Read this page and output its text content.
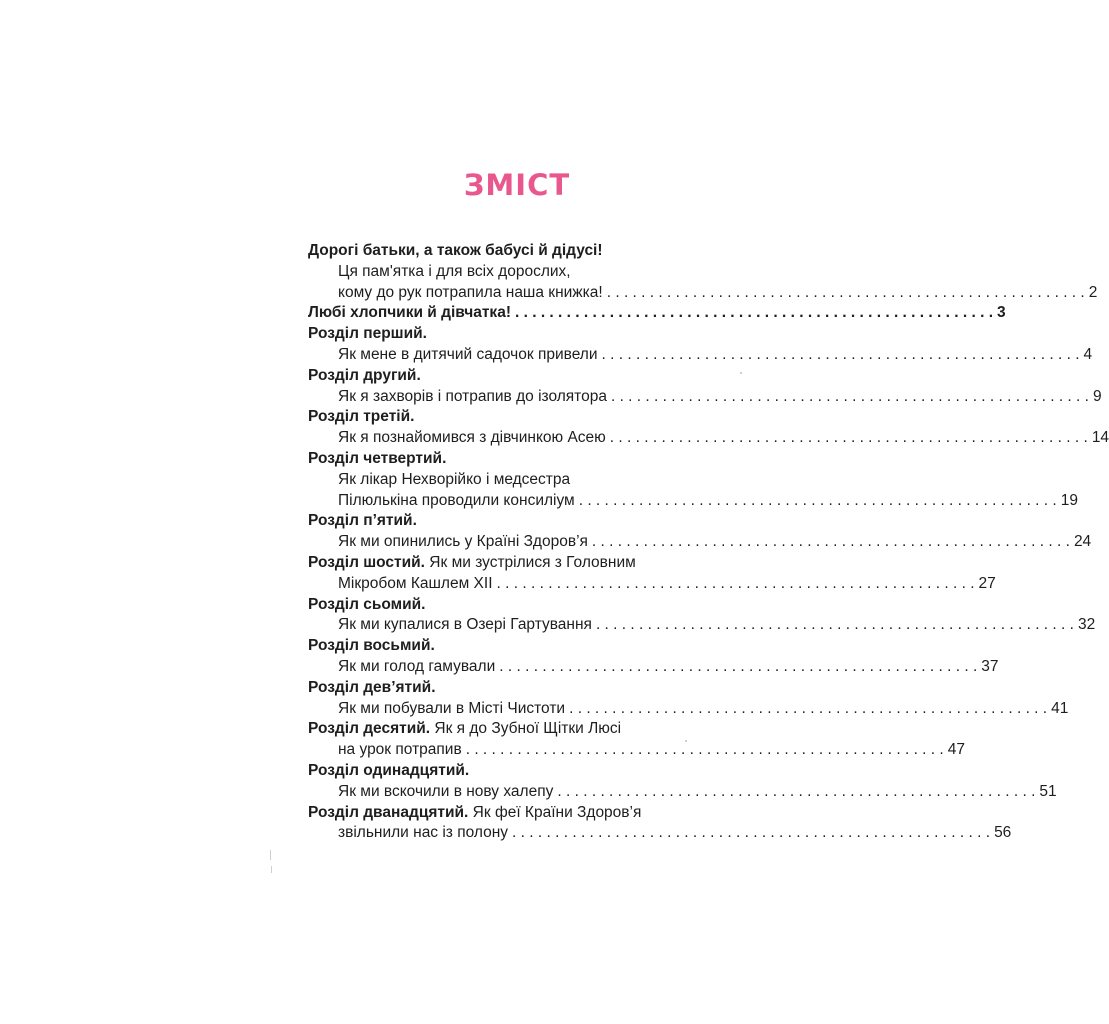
ЗМІСТ
Дорогі батьки, а також бабусі й дідусі!
Ця пам'ятка і для всіх дорослих,
кому до рук потрапила наша книжка! . . .	2
Любі хлопчики й дівчатка! . . .	3
Розділ перший.
Як мене в дитячий садочок привели . . .	4
Розділ другий.
Як я захворів і потрапив до ізолятора . . .	9
Розділ третій.
Як я познайомився з дівчинкою Асею . . .	14
Розділ четвертий.
Як лікар Нехворійко і медсестра
Пілюлькіна проводили консиліум . . .	19
Розділ п’ятий.
Як ми опинились у Країні Здоров’я . . .	24
Розділ шостий. Як ми зустрілися з Головним
Мікробом Кашлем XII . . .	27
Розділ сьомий.
Як ми купалися в Озері Гартування . . .	32
Розділ восьмий.
Як ми голод гамували . . .	37
Розділ дев’ятий.
Як ми побували в Місті Чистоти . . .	41
Розділ десятий. Як я до Зубної Щітки Люсі
на урок потрапив . . .	47
Розділ одинадцятий.
Як ми вскочили в нову халепу . . .	51
Розділ дванадцятий. Як феї Країни Здоров’я
звільнили нас із полону . . .	56
